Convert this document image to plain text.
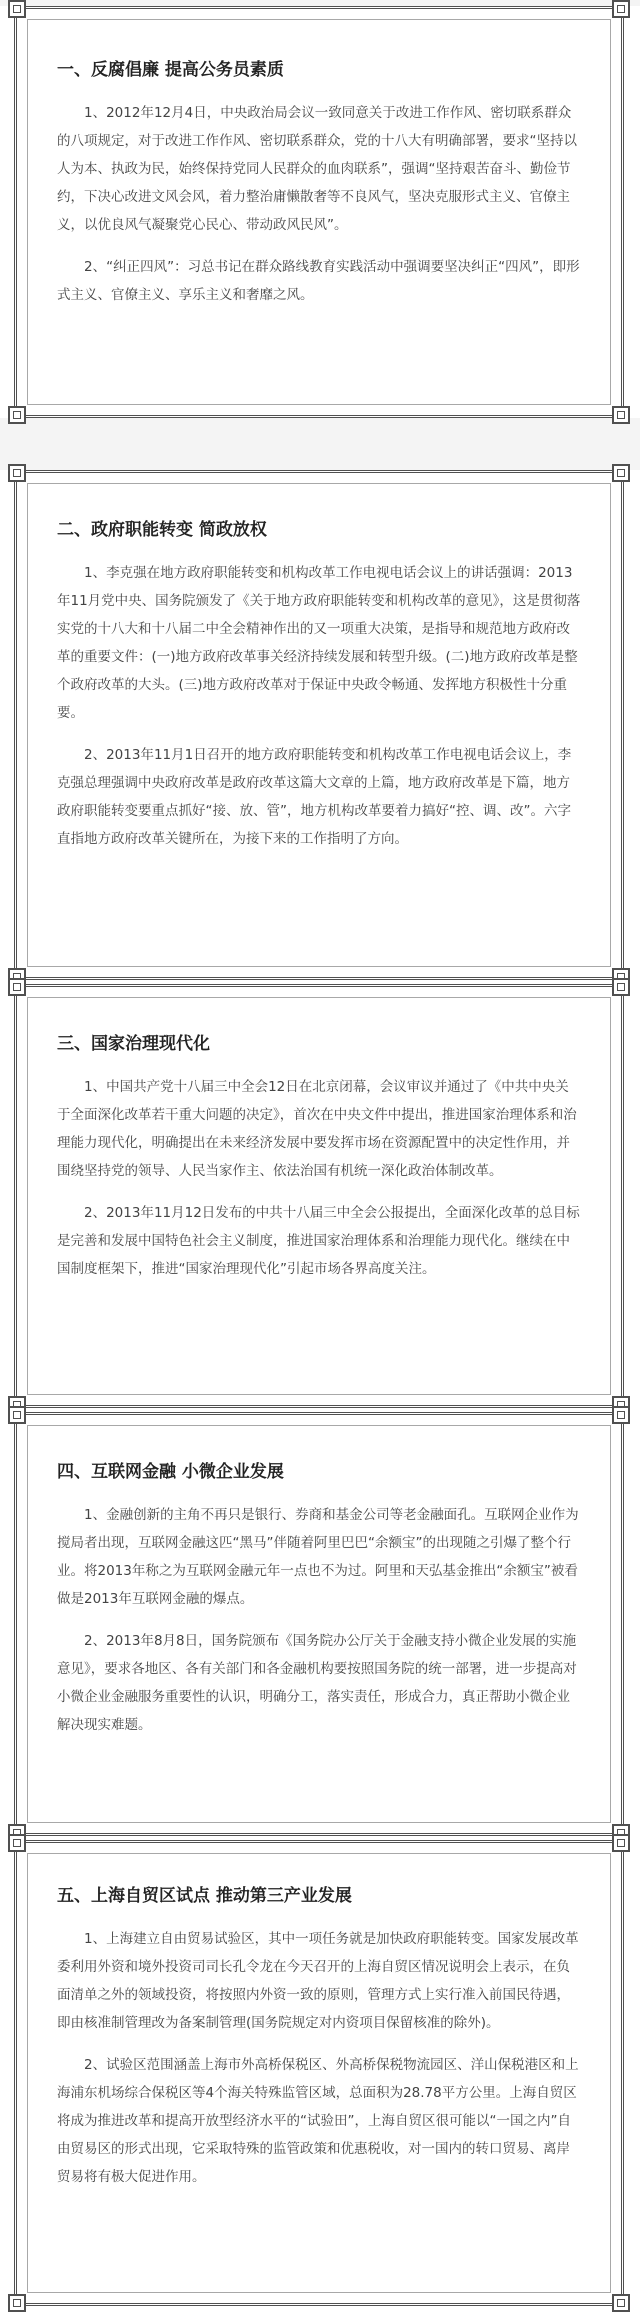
一、反腐倡廉 提高公务员素质

1、2012年12月4日，中央政治局会议一致同意关于改进工作作风、密切联系群众的八项规定，对于改进工作作风、密切联系群众，党的十八大有明确部署，要求“坚持以人为本、执政为民，始终保持党同人民群众的血肉联系”，强调“坚持艰苦奋斗、勤俭节约，下决心改进文风会风，着力整治庸懒散奢等不良风气，坚决克服形式主义、官僚主义，以优良风气凝聚党心民心、带动政风民风”。

2、“纠正四风”：习总书记在群众路线教育实践活动中强调要坚决纠正“四风”，即形式主义、官僚主义、享乐主义和奢靡之风。

二、政府职能转变 简政放权

1、李克强在地方政府职能转变和机构改革工作电视电话会议上的讲话强调：2013年11月党中央、国务院颁发了《关于地方政府职能转变和机构改革的意见》，这是贯彻落实党的十八大和十八届二中全会精神作出的又一项重大决策，是指导和规范地方政府改革的重要文件：(一)地方政府改革事关经济持续发展和转型升级。(二)地方政府改革是整个政府改革的大头。(三)地方政府改革对于保证中央政令畅通、发挥地方积极性十分重要。

2、2013年11月1日召开的地方政府职能转变和机构改革工作电视电话会议上，李克强总理强调中央政府改革是政府改革这篇大文章的上篇，地方政府改革是下篇，地方政府职能转变要重点抓好“接、放、管”，地方机构改革要着力搞好“控、调、改”。六字直指地方政府改革关键所在，为接下来的工作指明了方向。

三、国家治理现代化

1、中国共产党十八届三中全会12日在北京闭幕，会议审议并通过了《中共中央关于全面深化改革若干重大问题的决定》，首次在中央文件中提出，推进国家治理体系和治理能力现代化，明确提出在未来经济发展中要发挥市场在资源配置中的决定性作用，并围绕坚持党的领导、人民当家作主、依法治国有机统一深化政治体制改革。

2、2013年11月12日发布的中共十八届三中全会公报提出，全面深化改革的总目标是完善和发展中国特色社会主义制度，推进国家治理体系和治理能力现代化。继续在中国制度框架下，推进“国家治理现代化”引起市场各界高度关注。

四、互联网金融 小微企业发展

1、金融创新的主角不再只是银行、券商和基金公司等老金融面孔。互联网企业作为搅局者出现，互联网金融这匹“黑马”伴随着阿里巴巴“余额宝”的出现随之引爆了整个行业。将2013年称之为互联网金融元年一点也不为过。阿里和天弘基金推出“余额宝”被看做是2013年互联网金融的爆点。

2、2013年8月8日，国务院颁布《国务院办公厅关于金融支持小微企业发展的实施意见》，要求各地区、各有关部门和各金融机构要按照国务院的统一部署，进一步提高对小微企业金融服务重要性的认识，明确分工，落实责任，形成合力，真正帮助小微企业解决现实难题。

五、上海自贸区试点 推动第三产业发展

1、上海建立自由贸易试验区，其中一项任务就是加快政府职能转变。国家发展改革委利用外资和境外投资司司长孔令龙在今天召开的上海自贸区情况说明会上表示，在负面清单之外的领域投资，将按照内外资一致的原则，管理方式上实行准入前国民待遇，即由核准制管理改为备案制管理(国务院规定对内资项目保留核准的除外)。

2、试验区范围涵盖上海市外高桥保税区、外高桥保税物流园区、洋山保税港区和上海浦东机场综合保税区等4个海关特殊监管区域，总面积为28.78平方公里。上海自贸区将成为推进改革和提高开放型经济水平的“试验田”，上海自贸区很可能以“一国之内”自由贸易区的形式出现，它采取特殊的监管政策和优惠税收，对一国内的转口贸易、离岸贸易将有极大促进作用。
